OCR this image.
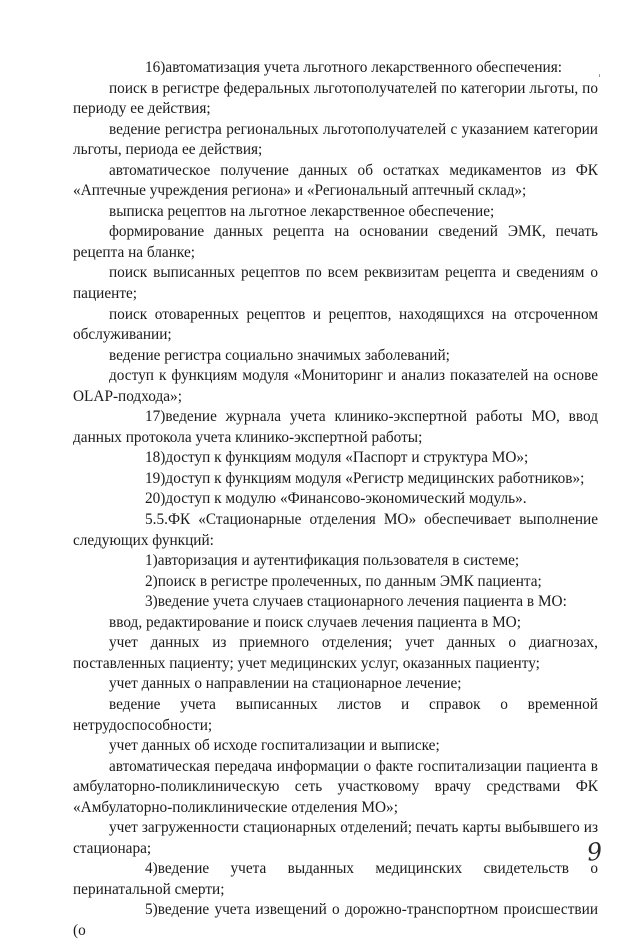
16)автоматизация учета льготного лекарственного обеспечения:

поиск в регистре федеральных льготополучателей по категории льготы, по периоду ее действия;

ведение регистра региональных льготополучателей с указанием категории льготы, периода ее действия;

автоматическое получение данных об остатках медикаментов из ФК «Аптечные учреждения региона» и «Региональный аптечный склад»;

выписка рецептов на льготное лекарственное обеспечение;

формирование данных рецепта на основании сведений ЭМК, печать рецепта на бланке;

поиск выписанных рецептов по всем реквизитам рецепта и сведениям о пациенте;

поиск отоваренных рецептов и рецептов, находящихся на отсроченном обслуживании;

ведение регистра социально значимых заболеваний;

доступ к функциям модуля «Мониторинг и анализ показателей на основе OLAP-подхода»;

17)ведение журнала учета клинико-экспертной работы МО, ввод данных протокола учета клинико-экспертной работы;

18)доступ к функциям модуля «Паспорт и структура МО»;

19)доступ к функциям модуля «Регистр медицинских работников»;

20)доступ к модулю «Финансово-экономический модуль».

5.5.ФК «Стационарные отделения МО» обеспечивает выполнение следующих функций:

1)авторизация и аутентификация пользователя в системе;

2)поиск в регистре пролеченных, по данным ЭМК пациента;

3)ведение учета случаев стационарного лечения пациента в МО:

ввод, редактирование и поиск случаев лечения пациента в МО;

учет данных из приемного отделения; учет данных о диагнозах, поставленных пациенту; учет медицинских услуг, оказанных пациенту;

учет данных о направлении на стационарное лечение;

ведение учета выписанных листов и справок о временной нетрудоспособности;

учет данных об исходе госпитализации и выписке;

автоматическая передача информации о факте госпитализации пациента в амбулаторно-поликлиническую сеть участковому врачу средствами ФК «Амбулаторно-поликлинические отделения МО»;

учет загруженности стационарных отделений; печать карты выбывшего из стационара;

4)ведение учета выданных медицинских свидетельств о перинатальной смерти;

5)ведение учета извещений о дорожно-транспортном происшествии (о

9
